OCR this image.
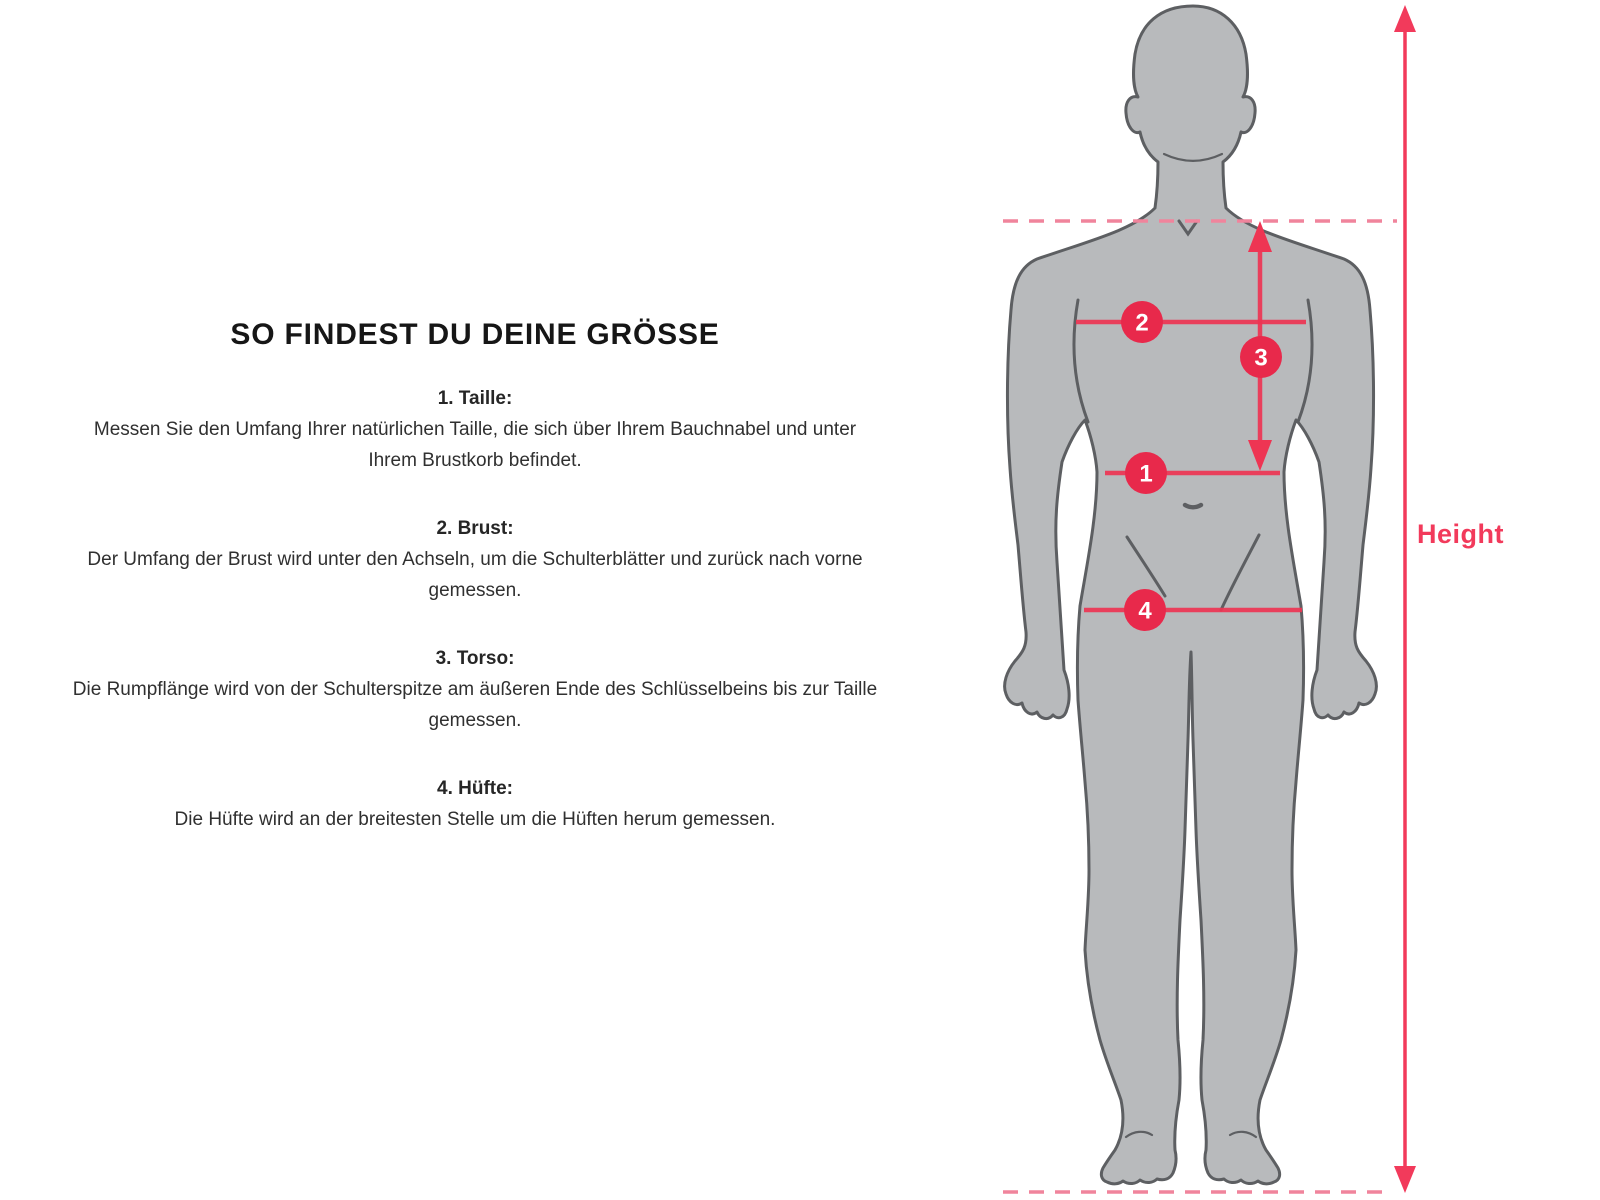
SO FINDEST DU DEINE GRÖSSE
1. Taille:

Messen Sie den Umfang Ihrer natürlichen Taille, die sich über Ihrem Bauchnabel und unter Ihrem Brustkorb befindet.

2. Brust:

Der Umfang der Brust wird unter den Achseln, um die Schulterblätter und zurück nach vorne gemessen.

3. Torso:

Die Rumpflänge wird von der Schulterspitze am äußeren Ende des Schlüsselbeins bis zur Taille gemessen.

4. Hüfte:

Die Hüfte wird an der breitesten Stelle um die Hüften herum gemessen.

2
3
1
4
Height
